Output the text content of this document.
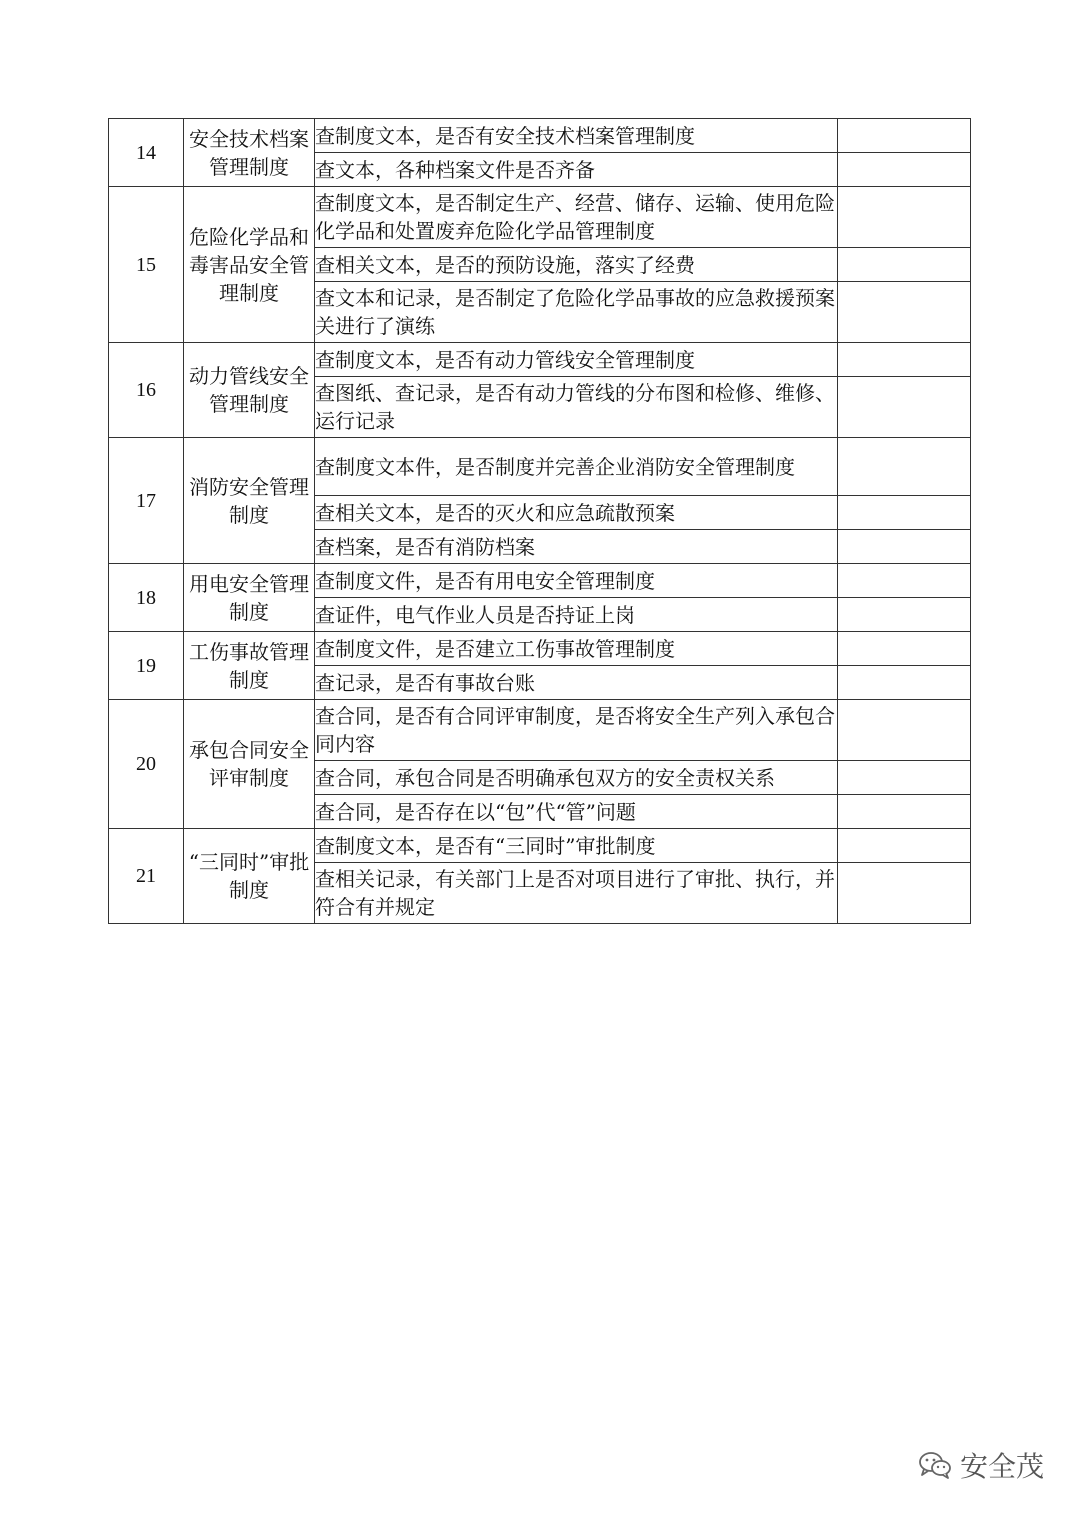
14	安全技术档案管理制度	查制度文本，是否有安全技术档案管理制度	
		查文本，各种档案文件是否齐备	
15	危险化学品和毒害品安全管理制度	查制度文本，是否制定生产、经营、储存、运输、使用危险化学品和处置废弃危险化学品管理制度	
		查相关文本，是否的预防设施，落实了经费	
		查文本和记录，是否制定了危险化学品事故的应急救援预案关进行了演练	
16	动力管线安全管理制度	查制度文本，是否有动力管线安全管理制度	
		查图纸、查记录，是否有动力管线的分布图和检修、维修、运行记录	
17	消防安全管理制度	查制度文本件，是否制度并完善企业消防安全管理制度	
		查相关文本，是否的灭火和应急疏散预案	
		查档案，是否有消防档案	
18	用电安全管理制度	查制度文件，是否有用电安全管理制度	
		查证件，电气作业人员是否持证上岗	
19	工伤事故管理制度	查制度文件，是否建立工伤事故管理制度	
		查记录，是否有事故台账	
20	承包合同安全评审制度	查合同，是否有合同评审制度，是否将安全生产列入承包合同内容	
		查合同，承包合同是否明确承包双方的安全责权关系	
		查合同，是否存在以“包”代“管”问题	
21	“三同时”审批制度	查制度文本，是否有“三同时”审批制度	
		查相关记录，有关部门上是否对项目进行了审批、执行，并符合有并规定	
安全茂
